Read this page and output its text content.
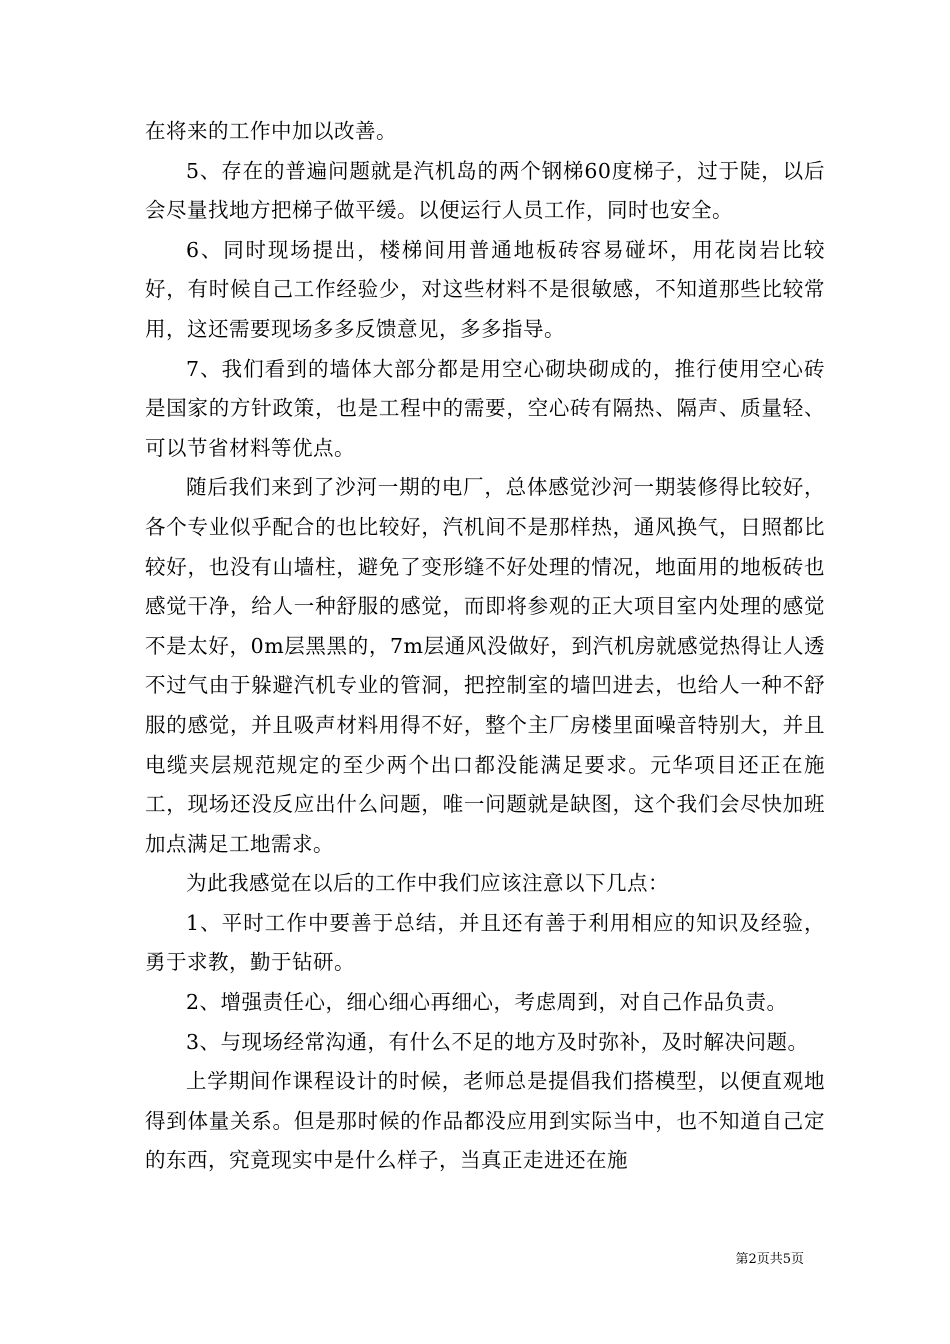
在将来的工作中加以改善。

5、存在的普遍问题就是汽机岛的两个钢梯60度梯子，过于陡，以后会尽量找地方把梯子做平缓。以便运行人员工作，同时也安全。

6、同时现场提出，楼梯间用普通地板砖容易碰坏，用花岗岩比较好，有时候自己工作经验少，对这些材料不是很敏感，不知道那些比较常用，这还需要现场多多反馈意见，多多指导。

7、我们看到的墙体大部分都是用空心砌块砌成的，推行使用空心砖是国家的方针政策，也是工程中的需要，空心砖有隔热、隔声、质量轻、可以节省材料等优点。

随后我们来到了沙河一期的电厂，总体感觉沙河一期装修得比较好，各个专业似乎配合的也比较好，汽机间不是那样热，通风换气，日照都比较好，也没有山墙柱，避免了变形缝不好处理的情况，地面用的地板砖也感觉干净，给人一种舒服的感觉，而即将参观的正大项目室内处理的感觉不是太好，0m层黑黑的，7m层通风没做好，到汽机房就感觉热得让人透不过气由于躲避汽机专业的管洞，把控制室的墙凹进去，也给人一种不舒服的感觉，并且吸声材料用得不好，整个主厂房楼里面噪音特别大，并且电缆夹层规范规定的至少两个出口都没能满足要求。元华项目还正在施工，现场还没反应出什么问题，唯一问题就是缺图，这个我们会尽快加班加点满足工地需求。

为此我感觉在以后的工作中我们应该注意以下几点：

1、平时工作中要善于总结，并且还有善于利用相应的知识及经验，勇于求教，勤于钻研。

2、增强责任心，细心细心再细心，考虑周到，对自己作品负责。

3、与现场经常沟通，有什么不足的地方及时弥补，及时解决问题。

上学期间作课程设计的时候，老师总是提倡我们搭模型，以便直观地得到体量关系。但是那时候的作品都没应用到实际当中，也不知道自己定的东西，究竟现实中是什么样子，当真正走进还在施

第2页共5页
